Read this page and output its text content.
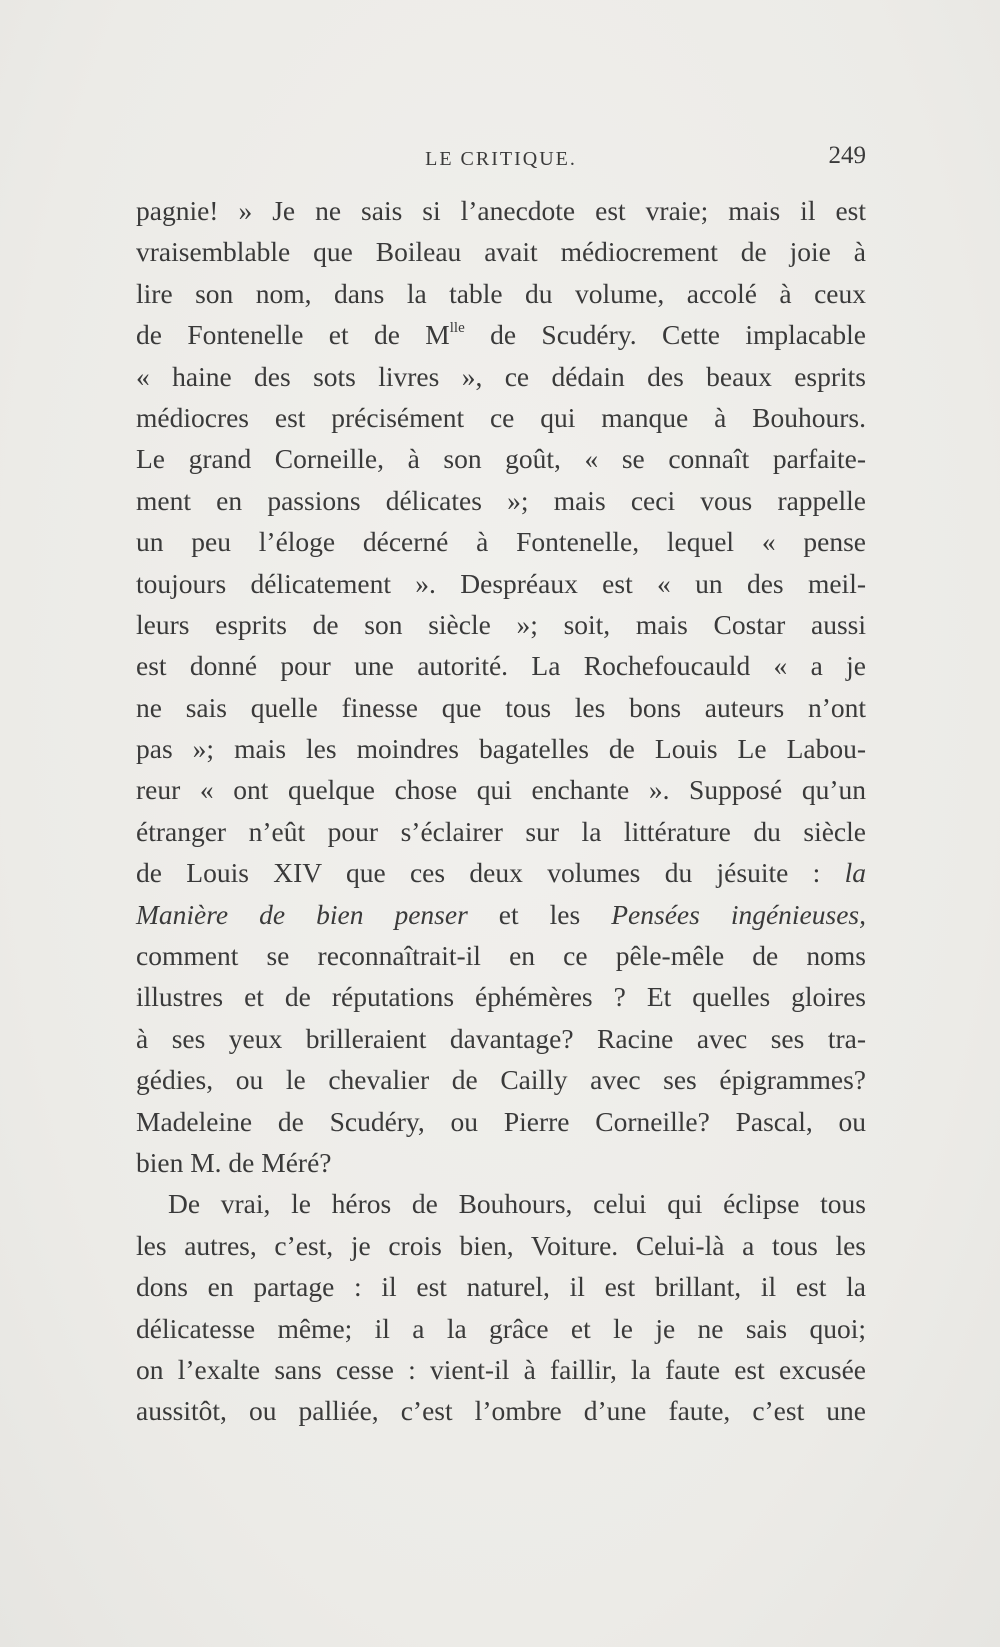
LE CRITIQUE.	249
pagnie! » Je ne sais si l’anecdote est vraie; mais il est
vraisemblable que Boileau avait médiocrement de joie à
lire son nom, dans la table du volume, accolé à ceux
de Fontenelle et de $M^{lle}$ de Scudéry. Cette implacable
« haine des sots livres », ce dédain des beaux esprits
médiocres est précisément ce qui manque à Bouhours.
Le grand Corneille, à son goût, « se connaît parfaite-
ment en passions délicates »; mais ceci vous rappelle
un peu l’éloge décerné à Fontenelle, lequel « pense
toujours délicatement ». Despréaux est « un des meil-
leurs esprits de son siècle »; soit, mais Costar aussi
est donné pour une autorité. La Rochefoucauld « a je
ne sais quelle finesse que tous les bons auteurs n’ont
pas »; mais les moindres bagatelles de Louis Le Labou-
reur « ont quelque chose qui enchante ». Supposé qu’un
étranger n’eût pour s’éclairer sur la littérature du siècle
de Louis XIV que ces deux volumes du jésuite : la
Manière de bien penser et les Pensées ingénieuses,
comment se reconnaîtrait-il en ce pêle-mêle de noms
illustres et de réputations éphémères ? Et quelles gloires
à ses yeux brilleraient davantage? Racine avec ses tra-
gédies, ou le chevalier de Cailly avec ses épigrammes?
Madeleine de Scudéry, ou Pierre Corneille? Pascal, ou
bien M. de Méré?
De vrai, le héros de Bouhours, celui qui éclipse tous
les autres, c’est, je crois bien, Voiture. Celui-là a tous les
dons en partage : il est naturel, il est brillant, il est la
délicatesse même; il a la grâce et le je ne sais quoi;
on l’exalte sans cesse : vient-il à faillir, la faute est excusée
aussitôt, ou palliée, c’est l’ombre d’une faute, c’est une
